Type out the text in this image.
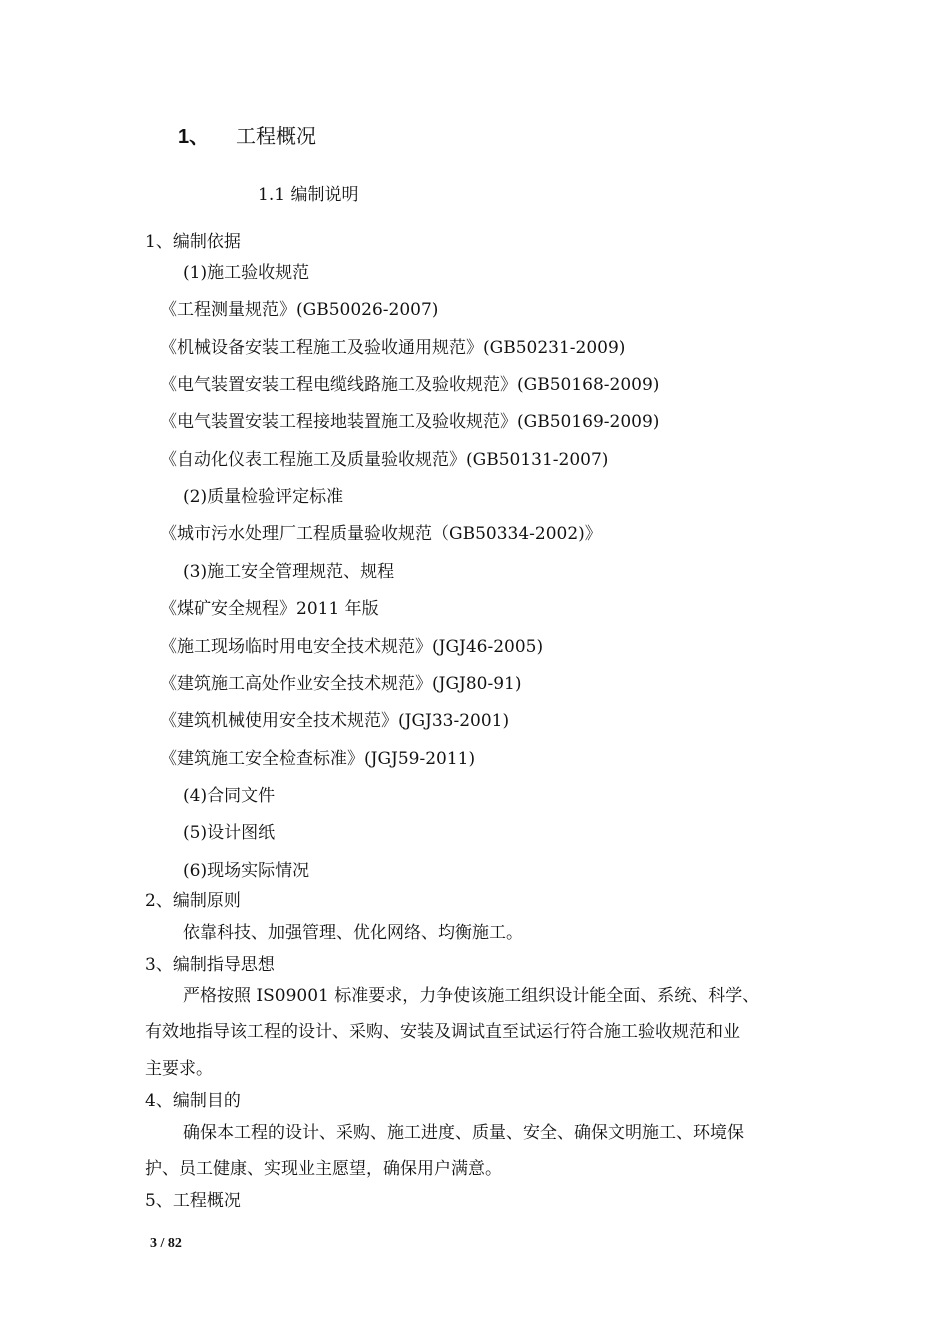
1、 工程概况
1.1 编制说明
1、编制依据
(1)施工验收规范
《工程测量规范》(GB50026-2007)
《机械设备安装工程施工及验收通用规范》(GB50231-2009)
《电气装置安装工程电缆线路施工及验收规范》(GB50168-2009)
《电气装置安装工程接地装置施工及验收规范》(GB50169-2009)
《自动化仪表工程施工及质量验收规范》(GB50131-2007)
(2)质量检验评定标准
《城市污水处理厂工程质量验收规范（GB50334-2002)》
(3)施工安全管理规范、规程
《煤矿安全规程》2011 年版
《施工现场临时用电安全技术规范》(JGJ46-2005)
《建筑施工高处作业安全技术规范》(JGJ80-91)
《建筑机械使用安全技术规范》(JGJ33-2001)
《建筑施工安全检查标准》(JGJ59-2011)
(4)合同文件
(5)设计图纸
(6)现场实际情况
2、编制原则
依靠科技、加强管理、优化网络、均衡施工。
3、编制指导思想
严格按照 IS09001 标准要求，力争使该施工组织设计能全面、系统、科学、
有效地指导该工程的设计、采购、安装及调试直至试运行符合施工验收规范和业
主要求。
4、编制目的
确保本工程的设计、采购、施工进度、质量、安全、确保文明施工、环境保
护、员工健康、实现业主愿望，确保用户满意。
5、工程概况
3 / 82
